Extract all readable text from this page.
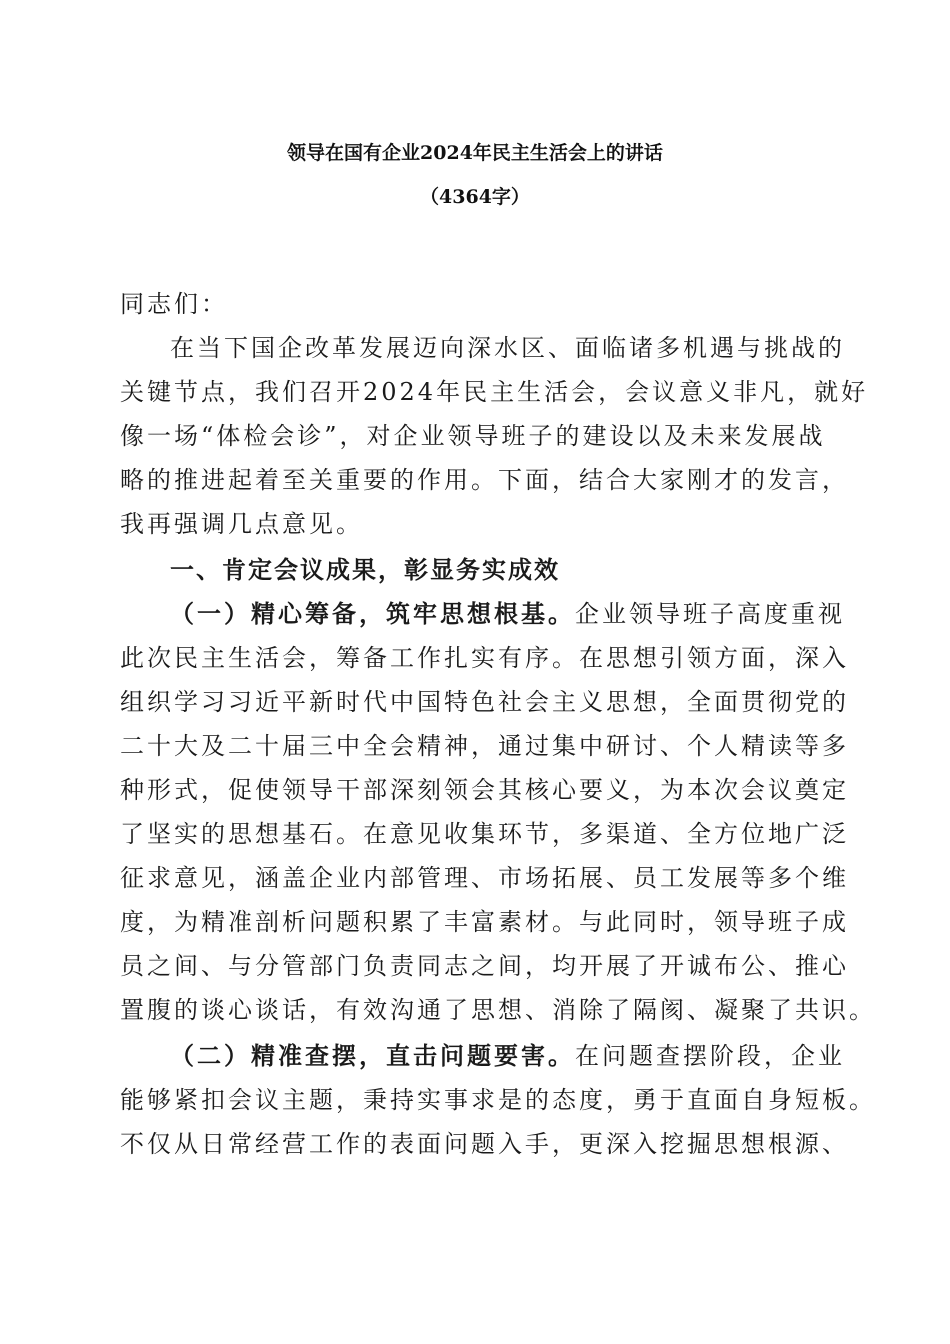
领导在国有企业2024年民主生活会上的讲话
（4364字）
同志们：
在当下国企改革发展迈向深水区、面临诸多机遇与挑战的
关键节点，我们召开2024年民主生活会，会议意义非凡，就好
像一场“体检会诊”，对企业领导班子的建设以及未来发展战
略的推进起着至关重要的作用。下面，结合大家刚才的发言，
我再强调几点意见。
一、肯定会议成果，彰显务实成效
（一）精心筹备，筑牢思想根基。企业领导班子高度重视
此次民主生活会，筹备工作扎实有序。在思想引领方面，深入
组织学习习近平新时代中国特色社会主义思想，全面贯彻党的
二十大及二十届三中全会精神，通过集中研讨、个人精读等多
种形式，促使领导干部深刻领会其核心要义，为本次会议奠定
了坚实的思想基石。在意见收集环节，多渠道、全方位地广泛
征求意见，涵盖企业内部管理、市场拓展、员工发展等多个维
度，为精准剖析问题积累了丰富素材。与此同时，领导班子成
员之间、与分管部门负责同志之间，均开展了开诚布公、推心
置腹的谈心谈话，有效沟通了思想、消除了隔阂、凝聚了共识。
（二）精准查摆，直击问题要害。在问题查摆阶段，企业
能够紧扣会议主题，秉持实事求是的态度，勇于直面自身短板。
不仅从日常经营工作的表面问题入手，更深入挖掘思想根源、
